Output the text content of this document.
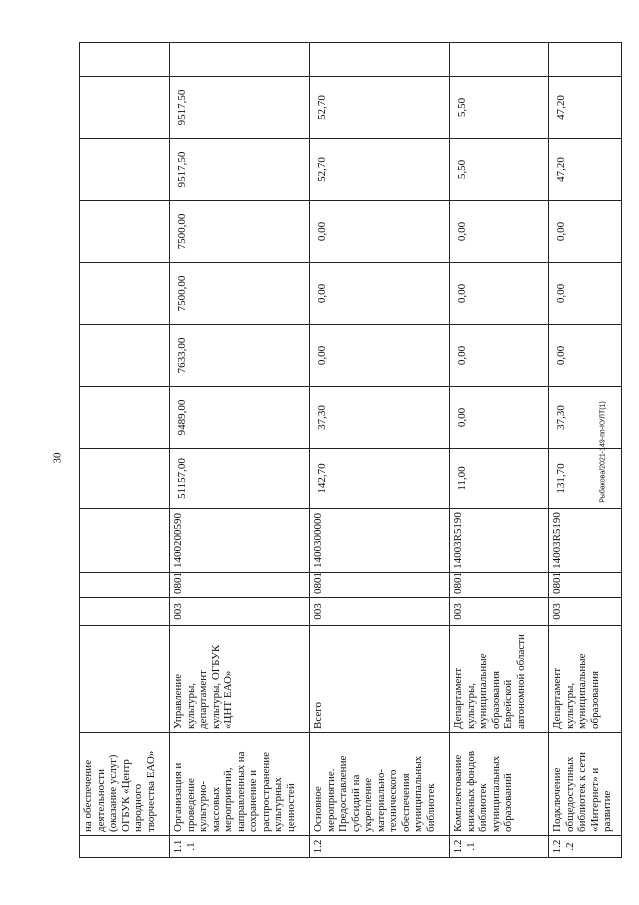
30	Рыбакова/2021-149-пп-КУЛТ(1)
	на обеспечение деятельности (оказание услуг) ОГБУК «Центр народного творчества ЕАО»												
1.1 .1	Организация и проведение культурно-массовых мероприятий, направленных на сохранение и распространение культурных ценностей	Управление культуры, департамент культуры, ОГБУК «ЦНТ ЕАО»	003	0801	1400200590	51157,00	9489,00	7633,00	7500,00	7500,00	9517,50	9517,50	
1.2	Основное мероприятие. Предоставление субсидий на укрепление материально-технического обеспечения муниципальных библиотек	Всего	003	0801	1400300000	142,70	37,30	0,00	0,00	0,00	52,70	52,70	
1.2 .1	Комплектование книжных фондов библиотек муниципальных образований	Департамент культуры, муниципальные образования Еврейской автономной области	003	0801	14003R5190	11,00	0,00	0,00	0,00	0,00	5,50	5,50	
1.2 .2	Подключение общедоступных библиотек к сети «Интернет» и развитие	Департамент культуры, муниципальные образования	003	0801	14003R5190	131,70	37,30	0,00	0,00	0,00	47,20	47,20	
